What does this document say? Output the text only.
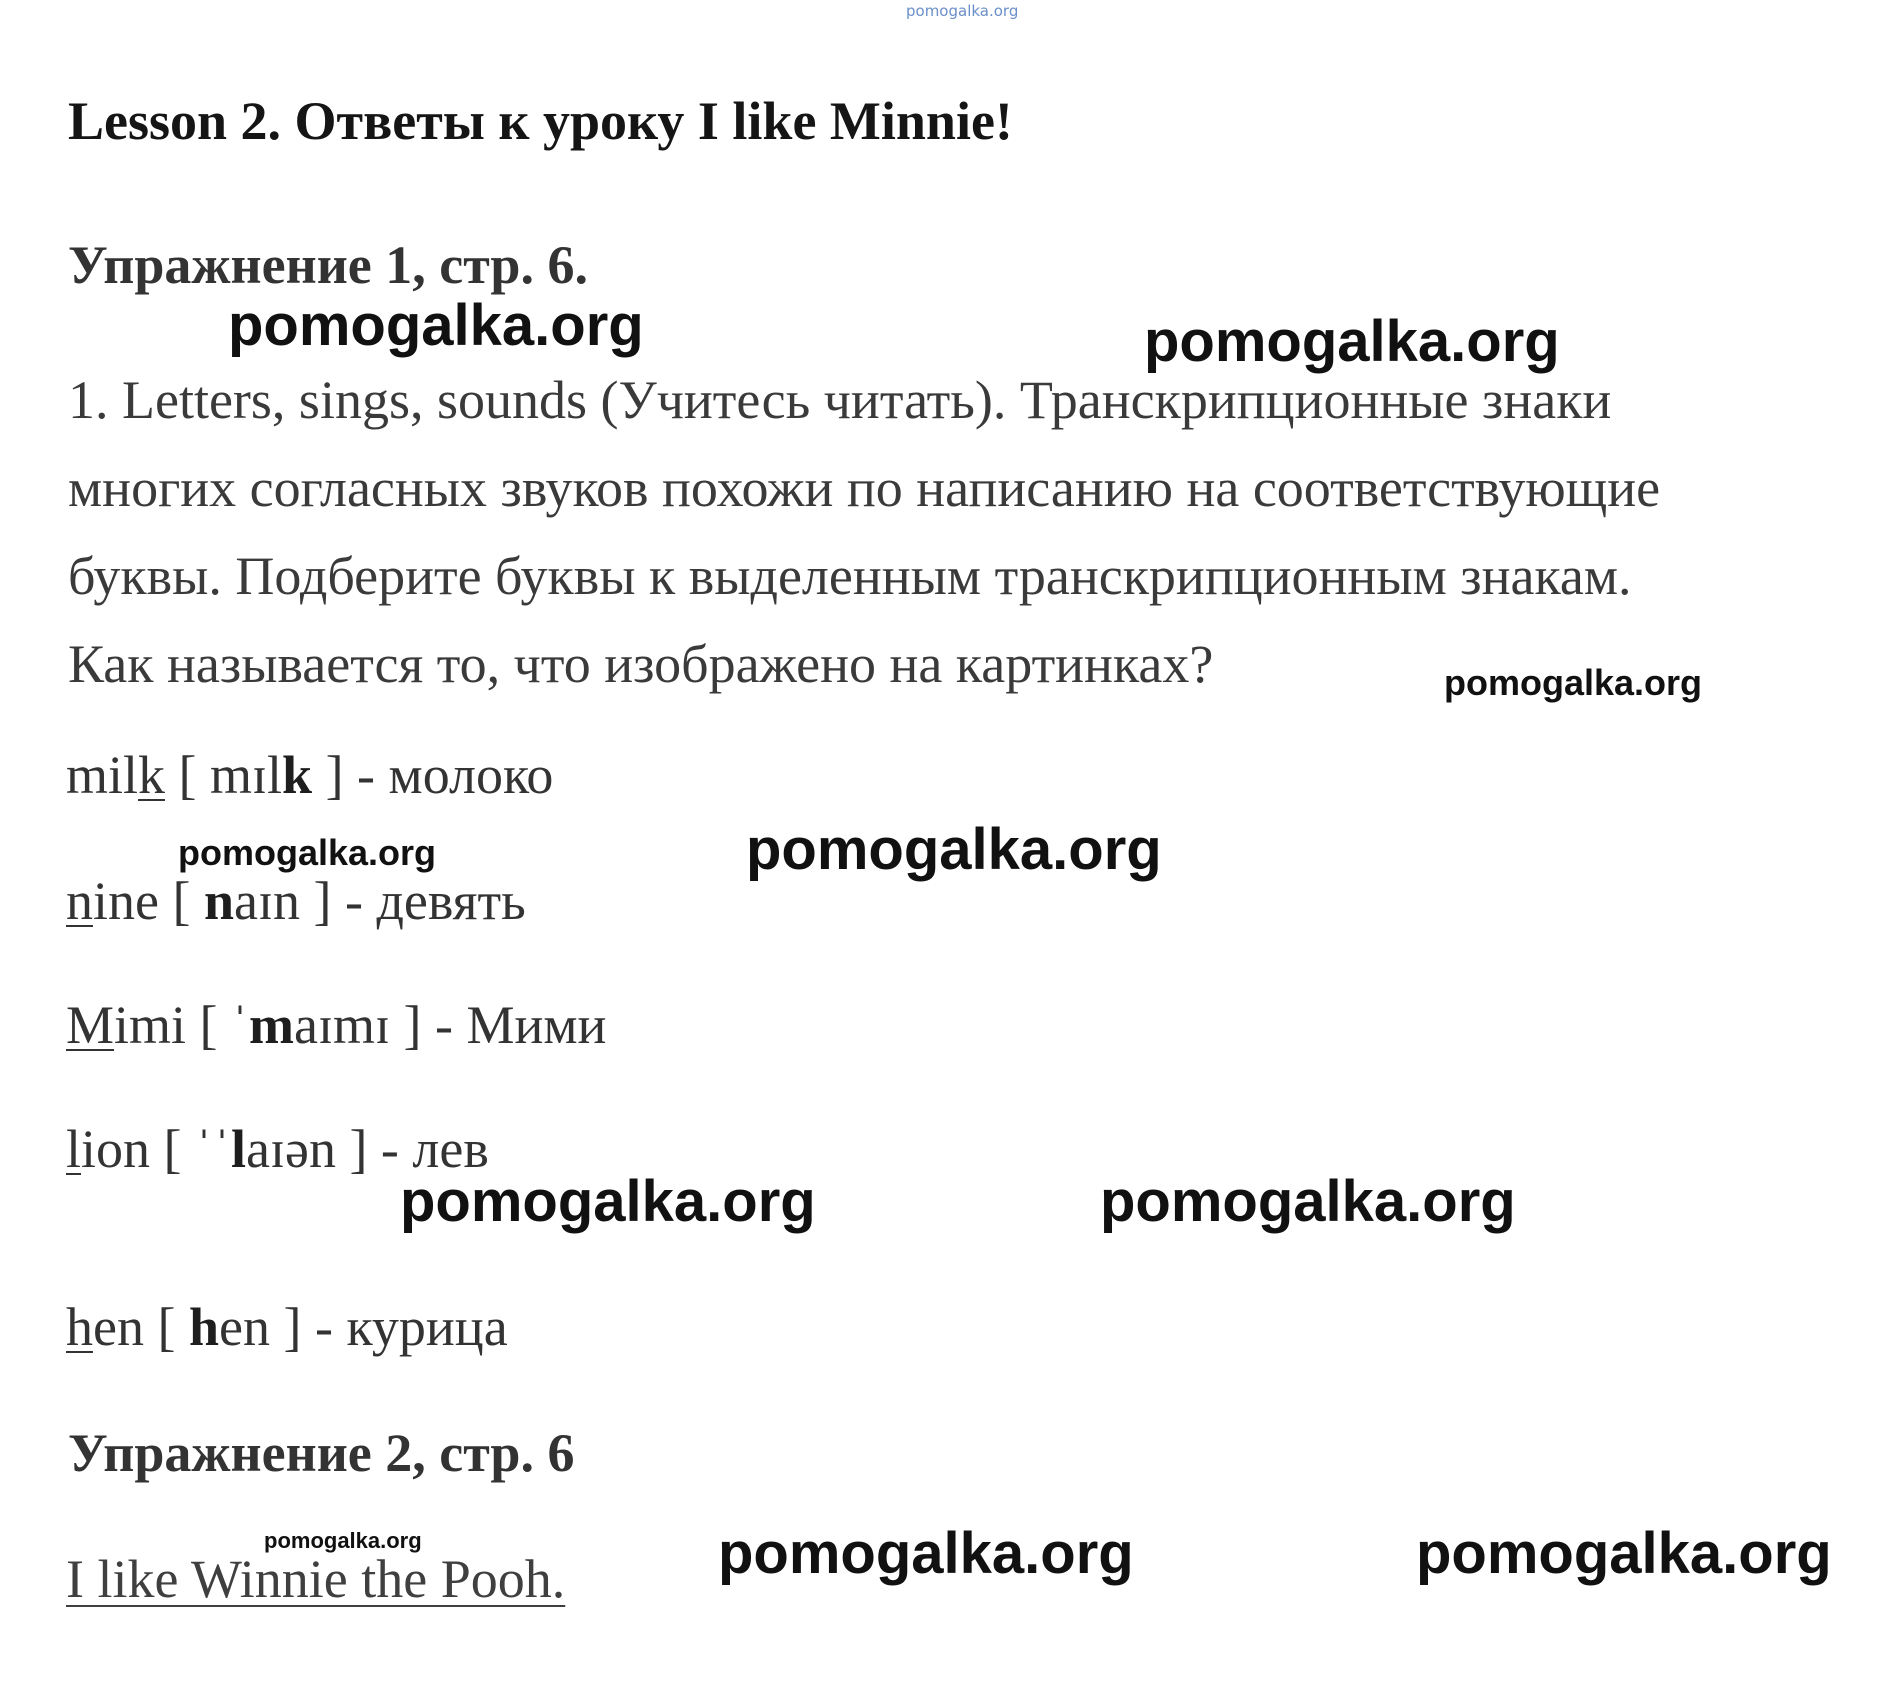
pomogalka.org
Lesson 2. Ответы к уроку I like Minnie!
Упражнение 1, стр. 6.
1. Letters, sings, sounds (Учитесь читать). Транскрипционные знаки
многих согласных звуков похожи по написанию на соответствующие
буквы. Подберите буквы к выделенным транскрипционным знакам.
Как называется то, что изображено на картинках?
milk [ mɪlk ] - молоко
nine [ naɪn ] - девять
Mimi [ ˈmaɪmɪ ] - Мими
lion [ ˈˈlaɪən ] - лев
hen [ hen ] - курица
Упражнение 2, стр. 6
I like Winnie the Pooh.
pomogalka.org	pomogalka.org
pomogalka.org
pomogalka.org	pomogalka.org
pomogalka.org	pomogalka.org
pomogalka.org	pomogalka.org	pomogalka.org
